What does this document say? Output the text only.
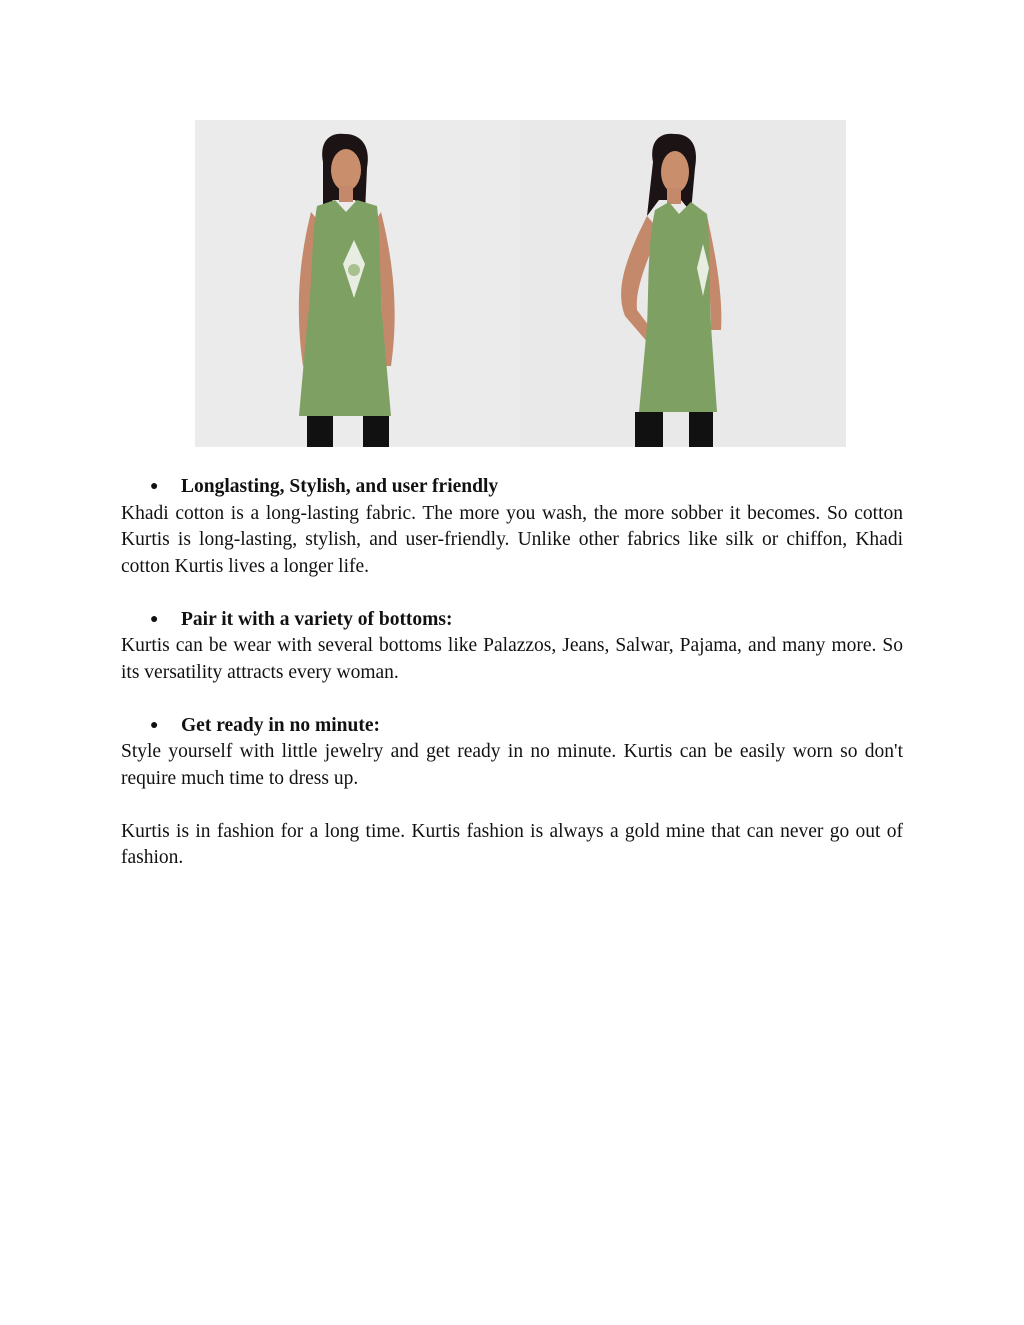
● Longlasting, Stylish, and user friendly

Khadi cotton is a long-lasting fabric. The more you wash, the more sobber it becomes. So cotton Kurtis is long-lasting, stylish, and user-friendly. Unlike other fabrics like silk or chiffon, Khadi cotton Kurtis lives a longer life.

● Pair it with a variety of bottoms:

Kurtis can be wear with several bottoms like Palazzos, Jeans, Salwar, Pajama, and many more. So its versatility attracts every woman.

● Get ready in no minute:

Style yourself with little jewelry and get ready in no minute. Kurtis can be easily worn so don't require much time to dress up.

Kurtis is in fashion for a long time. Kurtis fashion is always a gold mine that can never go out of fashion.
